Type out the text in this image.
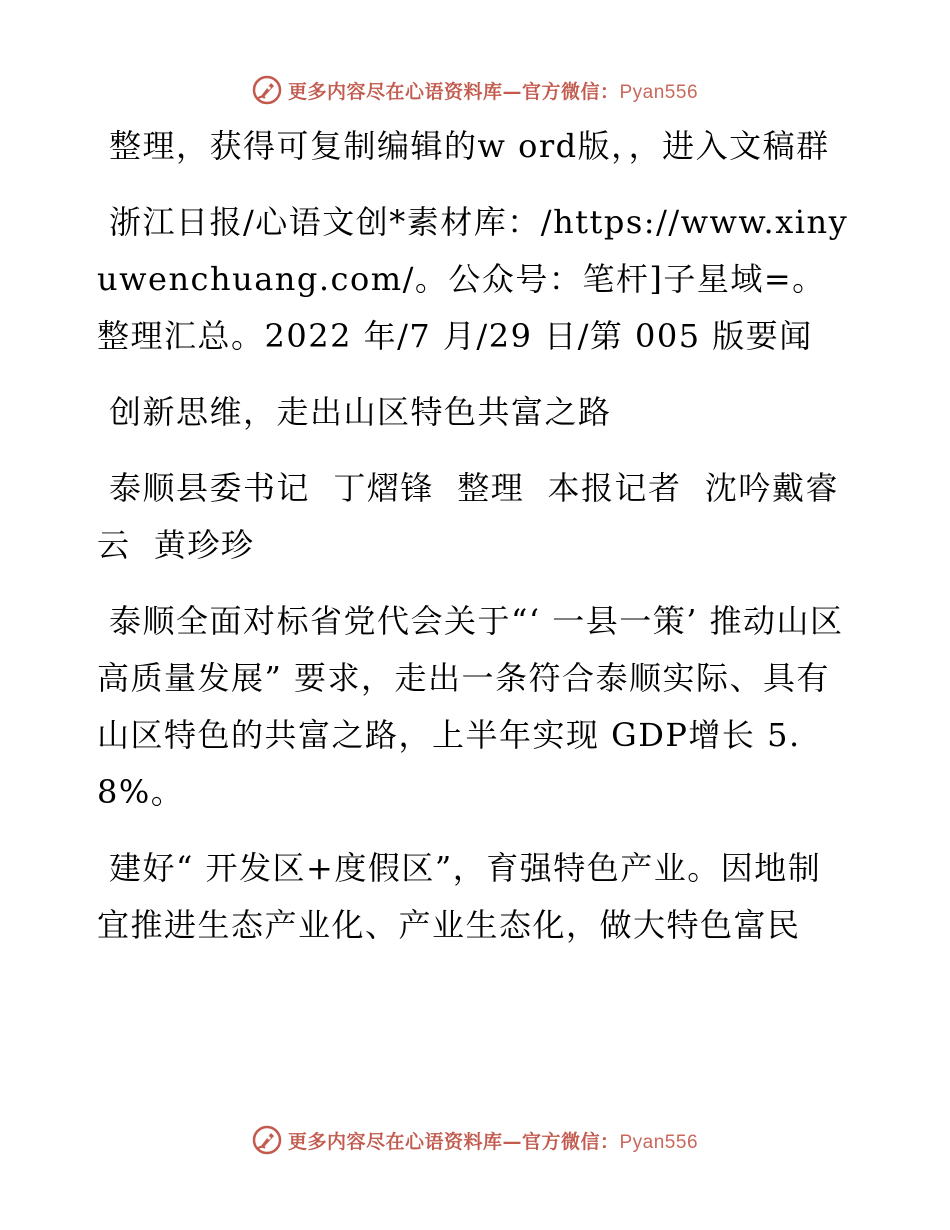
更多内容尽在心语资料库—官方微信：Pyan556

整理，获得可复制编辑的w ord版，，进入文稿群

浙江日报/心语文创*素材库：/https://www.xinyuwenchuang.com/。公众号：笔杆]子星域=。整理汇总。2022 年/7 月/29 日/第 005 版要闻

创新思维，走出山区特色共富之路

泰顺县委书记  丁熠锋  整理  本报记者  沈吟戴睿云  黄珍珍

泰顺全面对标省党代会关于“‘ 一县一策’ 推动山区高质量发展” 要求，走出一条符合泰顺实际、具有山区特色的共富之路，上半年实现 GDP增长 5.8%。

建好“ 开发区+度假区”，育强特色产业。因地制宜推进生态产业化、产业生态化，做大特色富民

更多内容尽在心语资料库—官方微信：Pyan556
